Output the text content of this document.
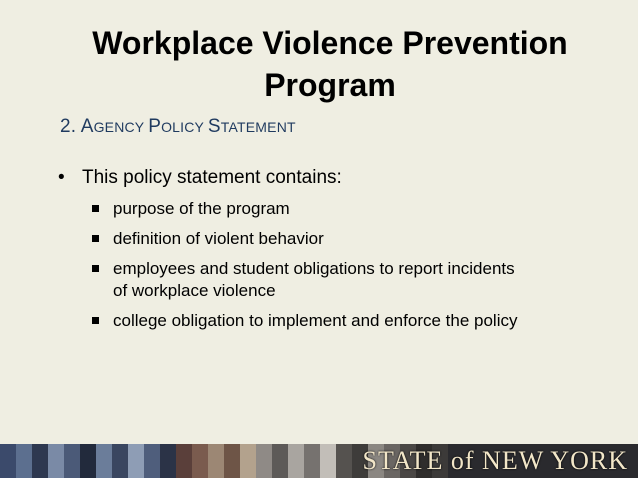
Workplace Violence Prevention
Program
2. AGENCY POLICY STATEMENT
• This policy statement contains:
purpose of the program
definition of violent behavior
employees and student obligations to report incidents of workplace violence
college obligation to implement and enforce the policy
STATE of NEW YORK
